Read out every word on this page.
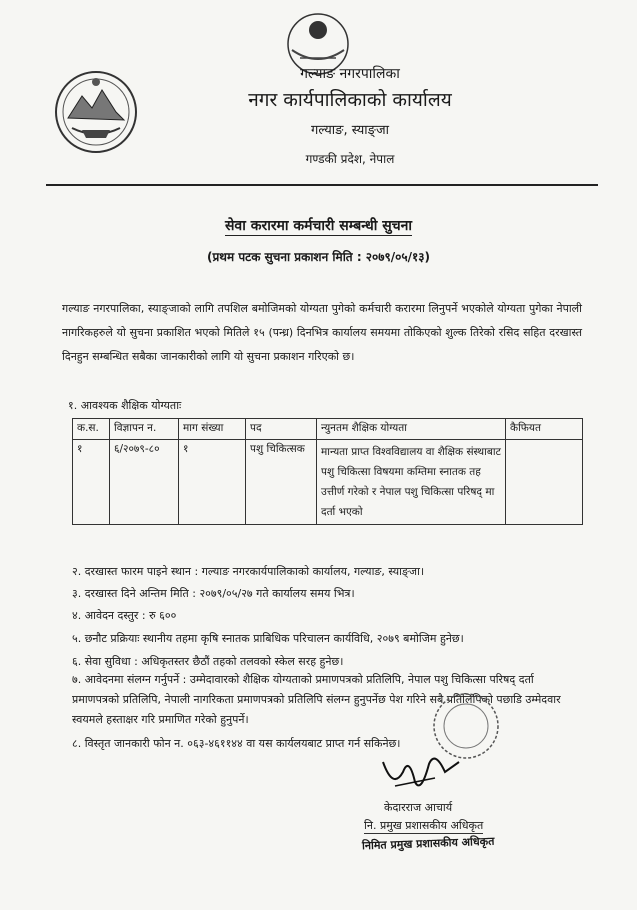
गल्याङ नगरपालिका
नगर कार्यपालिकाको कार्यालय
गल्याङ, स्याङ्जा
गण्डकी प्रदेश, नेपाल
सेवा करारमा कर्मचारी सम्बन्धी सुचना
(प्रथम पटक सुचना प्रकाशन मिति : २०७९/०५/१३)
गल्याङ नगरपालिका, स्याङ्जाको लागि तपशिल बमोजिमको योग्यता पुगेको कर्मचारी करारमा लिनुपर्ने भएकोले योग्यता पुगेका नेपाली नागरिकहरुले यो सुचना प्रकाशित भएको मितिले १५ (पन्ध्र) दिनभित्र कार्यालय समयमा तोकिएको शुल्क तिरेको रसिद सहित दरखास्त दिनहुन सम्बन्धित सबैका जानकारीको लागि यो सुचना प्रकाशन गरिएको छ।
१. आवश्यक शैक्षिक योग्यताः
क.स.	विज्ञापन न.	माग संख्या	पद	न्युनतम शैक्षिक योग्यता	कैफियत
१	६/२०७९-८०	१	पशु चिकित्सक	मान्यता प्राप्त विश्वविद्यालय वा शैक्षिक संस्थाबाट पशु चिकित्सा विषयमा कम्तिमा स्नातक तह उत्तीर्ण गरेको र नेपाल पशु चिकित्सा परिषद् मा दर्ता भएको	
२. दरखास्त फारम पाइने स्थान : गल्याङ नगरकार्यपालिकाको कार्यालय, गल्याङ, स्याङ्जा।
३. दरखास्त दिने अन्तिम मिति : २०७९/०५/२७ गते कार्यालय समय भित्र।
४. आवेदन दस्तुर : रु ६००
५. छनौट प्रक्रियाः स्थानीय तहमा कृषि स्नातक प्राबिधिक परिचालन कार्यविधि, २०७९ बमोजिम हुनेछ।
६. सेवा सुविधा : अधिकृतस्तर छैठौं तहको तलवको स्केल सरह हुनेछ।
७. आवेदनमा संलग्न गर्नुपर्ने : उम्मेदावारको शैक्षिक योग्यताको प्रमाणपत्रको प्रतिलिपि, नेपाल पशु चिकित्सा परिषद् दर्ता प्रमाणपत्रको प्रतिलिपि, नेपाली नागरिकता प्रमाणपत्रको प्रतिलिपि संलग्न हुनुपर्नेछ पेश गरिने सबै प्रतिलिपिको पछाडि उम्मेदवार स्वयमले हस्ताक्षर गरि प्रमाणित गरेको हुनुपर्ने।
८. विस्तृत जानकारी फोन न. ०६३-४६११४४ वा यस कार्यलयबाट प्राप्त गर्न सकिनेछ।
केदारराज आचार्य
नि. प्रमुख प्रशासकीय अधिकृत
निमित प्रमुख प्रशासकीय अधिकृत
